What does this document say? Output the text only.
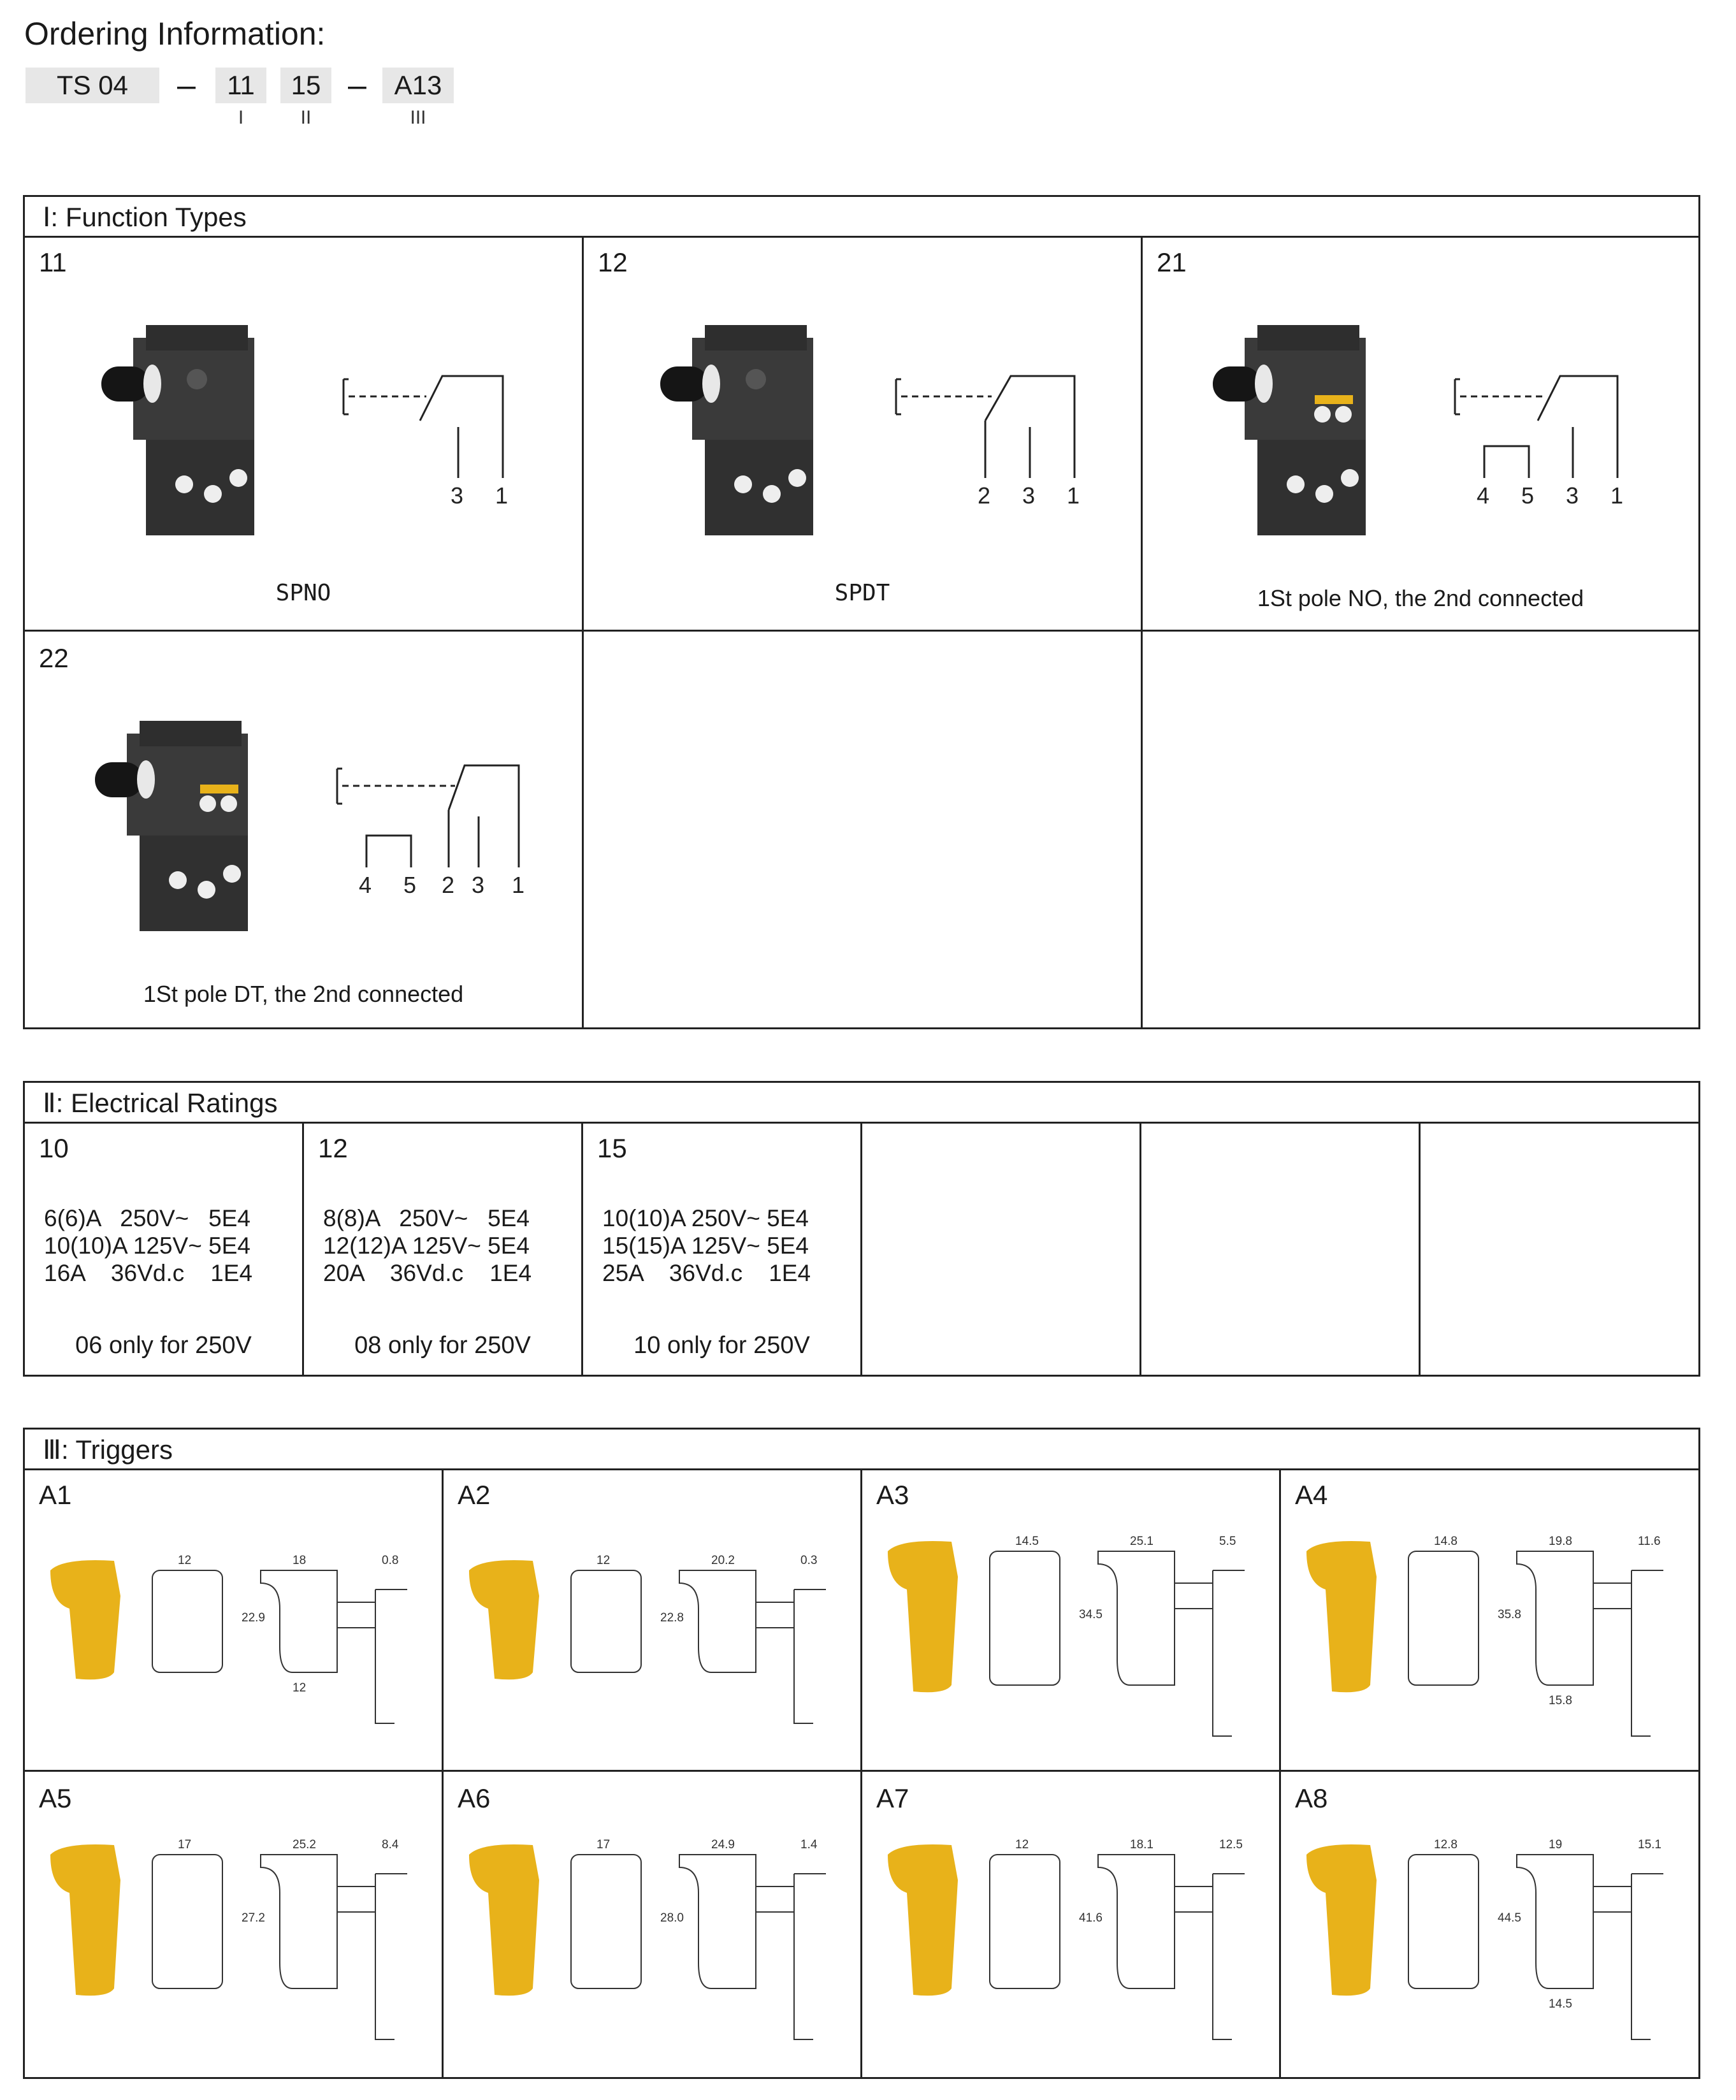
Ordering Information:
TS 04	–	11	15 –	A13
I	II	III
Ⅰ: Function Types
11
3 1
SPNO
12
2 3 1
SPDT
21
4 5 3 1
1St pole NO, the 2nd connected
22
4 5 2 3 1
1St pole DT, the 2nd connected
Ⅱ: Electrical Ratings
10
6(6)A   250V~   5E4
10(10)A 125V~ 5E4
16A    36Vd.c    1E4
06 only for 250V
12
8(8)A   250V~   5E4
12(12)A 125V~ 5E4
20A    36Vd.c    1E4
08 only for 250V
15
10(10)A 250V~ 5E4
15(15)A 125V~ 5E4
25A    36Vd.c    1E4
10 only for 250V
Ⅲ: Triggers
A1
12	18	0.8
22.9
12
A2
12	20.2	0.3
22.8
A3
14.5	25.1	5.5
34.5
A4
14.8	19.8	11.6
35.8
15.8
A5
17	25.2	8.4
27.2
A6
17	24.9	1.4
28.0
A7
12	18.1	12.5
41.6
A8
12.8	19	15.1
44.5
14.5
